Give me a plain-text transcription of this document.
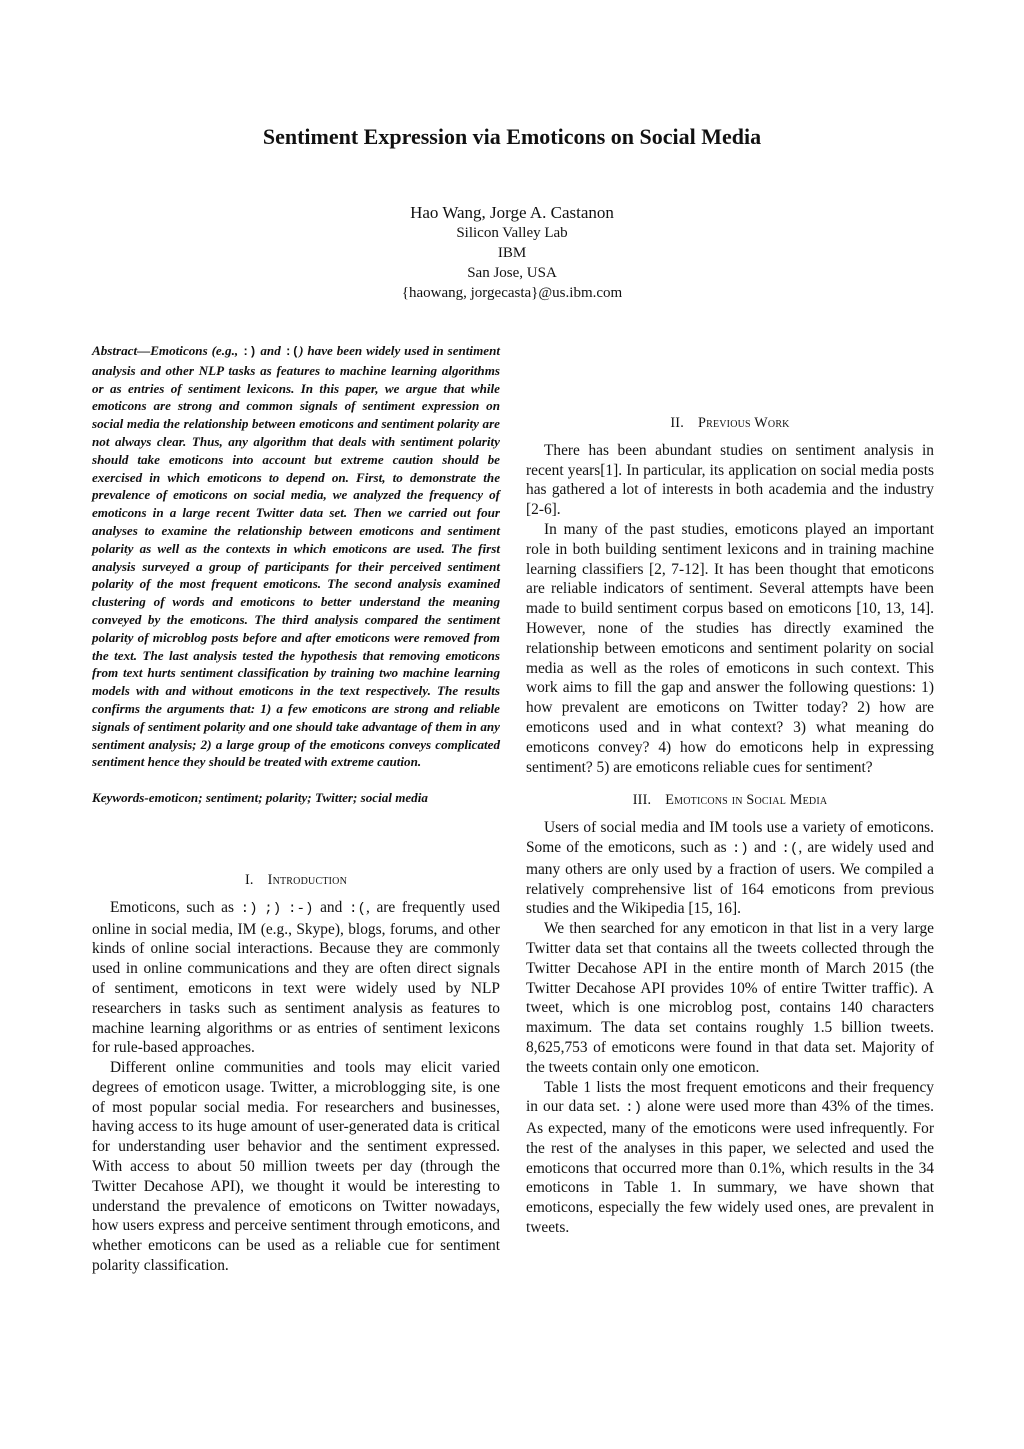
Sentiment Expression via Emoticons on Social Media
Hao Wang, Jorge A. Castanon
Silicon Valley Lab
IBM
San Jose, USA
{haowang, jorgecasta}@us.ibm.com

Abstract—Emoticons (e.g., :) and :() have been widely used in sentiment analysis and other NLP tasks as features to machine learning algorithms or as entries of sentiment lexicons. In this paper, we argue that while emoticons are strong and common signals of sentiment expression on social media the relationship between emoticons and sentiment polarity are not always clear. Thus, any algorithm that deals with sentiment polarity should take emoticons into account but extreme caution should be exercised in which emoticons to depend on. First, to demonstrate the prevalence of emoticons on social media, we analyzed the frequency of emoticons in a large recent Twitter data set. Then we carried out four analyses to examine the relationship between emoticons and sentiment polarity as well as the contexts in which emoticons are used. The first analysis surveyed a group of participants for their perceived sentiment polarity of the most frequent emoticons. The second analysis examined clustering of words and emoticons to better understand the meaning conveyed by the emoticons. The third analysis compared the sentiment polarity of microblog posts before and after emoticons were removed from the text. The last analysis tested the hypothesis that removing emoticons from text hurts sentiment classification by training two machine learning models with and without emoticons in the text respectively. The results confirms the arguments that: 1) a few emoticons are strong and reliable signals of sentiment polarity and one should take advantage of them in any sentiment analysis; 2) a large group of the emoticons conveys complicated sentiment hence they should be treated with extreme caution.

Keywords-emoticon; sentiment; polarity; Twitter; social media

I. Introduction

Emoticons, such as :) ;) :-) and :(, are frequently used online in social media, IM (e.g., Skype), blogs, forums, and other kinds of online social interactions. Because they are commonly used in online communications and they are often direct signals of sentiment, emoticons in text were widely used by NLP researchers in tasks such as sentiment analysis as features to machine learning algorithms or as entries of sentiment lexicons for rule-based approaches.

Different online communities and tools may elicit varied degrees of emoticon usage. Twitter, a microblogging site, is one of most popular social media. For researchers and businesses, having access to its huge amount of user-generated data is critical for understanding user behavior and the sentiment expressed. With access to about 50 million tweets per day (through the Twitter Decahose API), we thought it would be interesting to understand the prevalence of emoticons on Twitter nowadays, how users express and perceive sentiment through emoticons, and whether emoticons can be used as a reliable cue for sentiment polarity classification.

II. Previous Work

There has been abundant studies on sentiment analysis in recent years[1]. In particular, its application on social media posts has gathered a lot of interests in both academia and the industry [2-6].

In many of the past studies, emoticons played an important role in both building sentiment lexicons and in training machine learning classifiers [2, 7-12]. It has been thought that emoticons are reliable indicators of sentiment. Several attempts have been made to build sentiment corpus based on emoticons [10, 13, 14]. However, none of the studies has directly examined the relationship between emoticons and sentiment polarity on social media as well as the roles of emoticons in such context. This work aims to fill the gap and answer the following questions: 1) how prevalent are emoticons on Twitter today? 2) how are emoticons used and in what context? 3) what meaning do emoticons convey? 4) how do emoticons help in expressing sentiment? 5) are emoticons reliable cues for sentiment?

III. Emoticons in Social Media

Users of social media and IM tools use a variety of emoticons. Some of the emoticons, such as :) and :(, are widely used and many others are only used by a fraction of users. We compiled a relatively comprehensive list of 164 emoticons from previous studies and the Wikipedia [15, 16].

We then searched for any emoticon in that list in a very large Twitter data set that contains all the tweets collected through the Twitter Decahose API in the entire month of March 2015 (the Twitter Decahose API provides 10% of entire Twitter traffic). A tweet, which is one microblog post, contains 140 characters maximum. The data set contains roughly 1.5 billion tweets. 8,625,753 of emoticons were found in that data set. Majority of the tweets contain only one emoticon.

Table 1 lists the most frequent emoticons and their frequency in our data set. :) alone were used more than 43% of the times. As expected, many of the emoticons were used infrequently. For the rest of the analyses in this paper, we selected and used the emoticons that occurred more than 0.1%, which results in the 34 emoticons in Table 1. In summary, we have shown that emoticons, especially the few widely used ones, are prevalent in tweets.
